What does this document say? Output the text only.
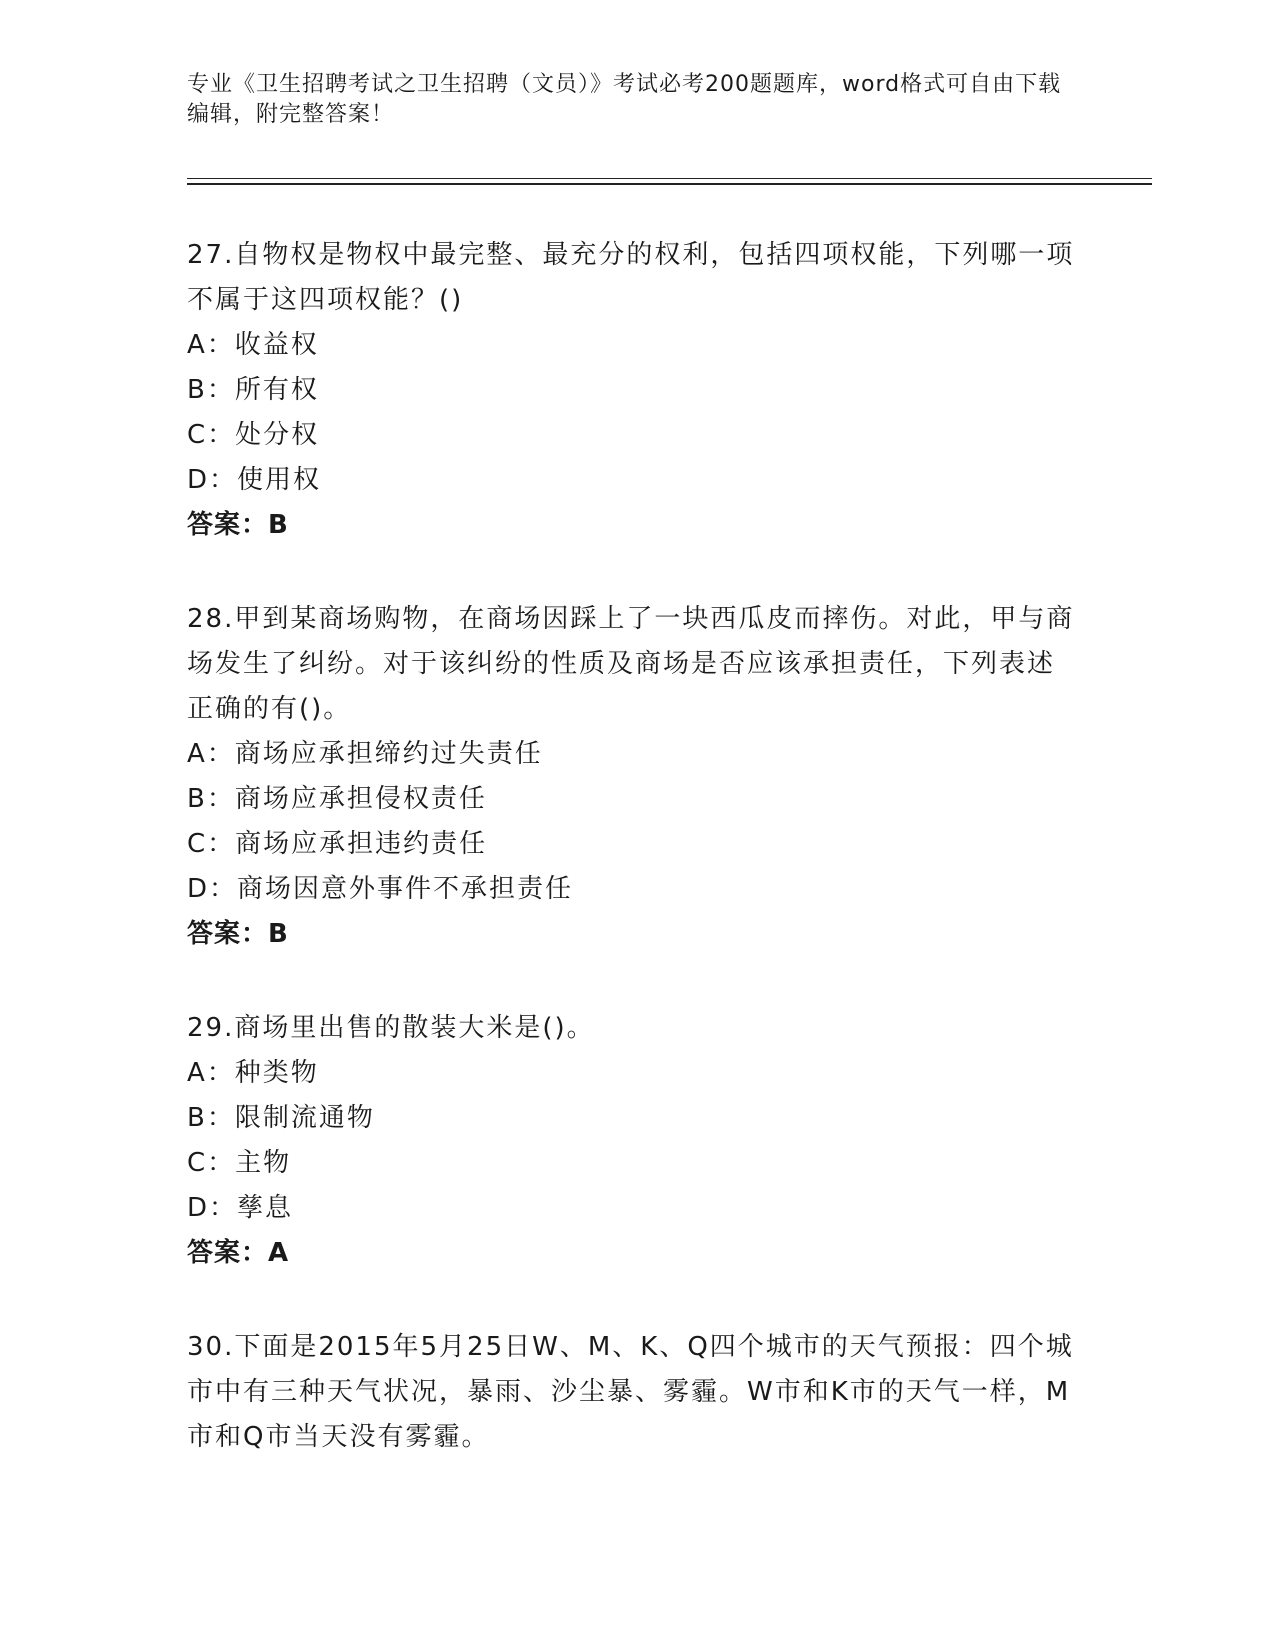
专业《卫生招聘考试之卫生招聘（文员）》考试必考200题题库，word格式可自由下载编辑，附完整答案！

27.自物权是物权中最完整、最充分的权利，包括四项权能，下列哪一项不属于这四项权能？()

A：收益权

B：所有权

C：处分权

D：使用权

答案：B

28.甲到某商场购物，在商场因踩上了一块西瓜皮而摔伤。对此，甲与商场发生了纠纷。对于该纠纷的性质及商场是否应该承担责任，下列表述正确的有()。

A：商场应承担缔约过失责任

B：商场应承担侵权责任

C：商场应承担违约责任

D：商场因意外事件不承担责任

答案：B

29.商场里出售的散装大米是()。

A：种类物

B：限制流通物

C：主物

D：孳息

答案：A

30.下面是2015年5月25日W、M、K、Q四个城市的天气预报：四个城市中有三种天气状况，暴雨、沙尘暴、雾霾。W市和K市的天气一样，M市和Q市当天没有雾霾。
